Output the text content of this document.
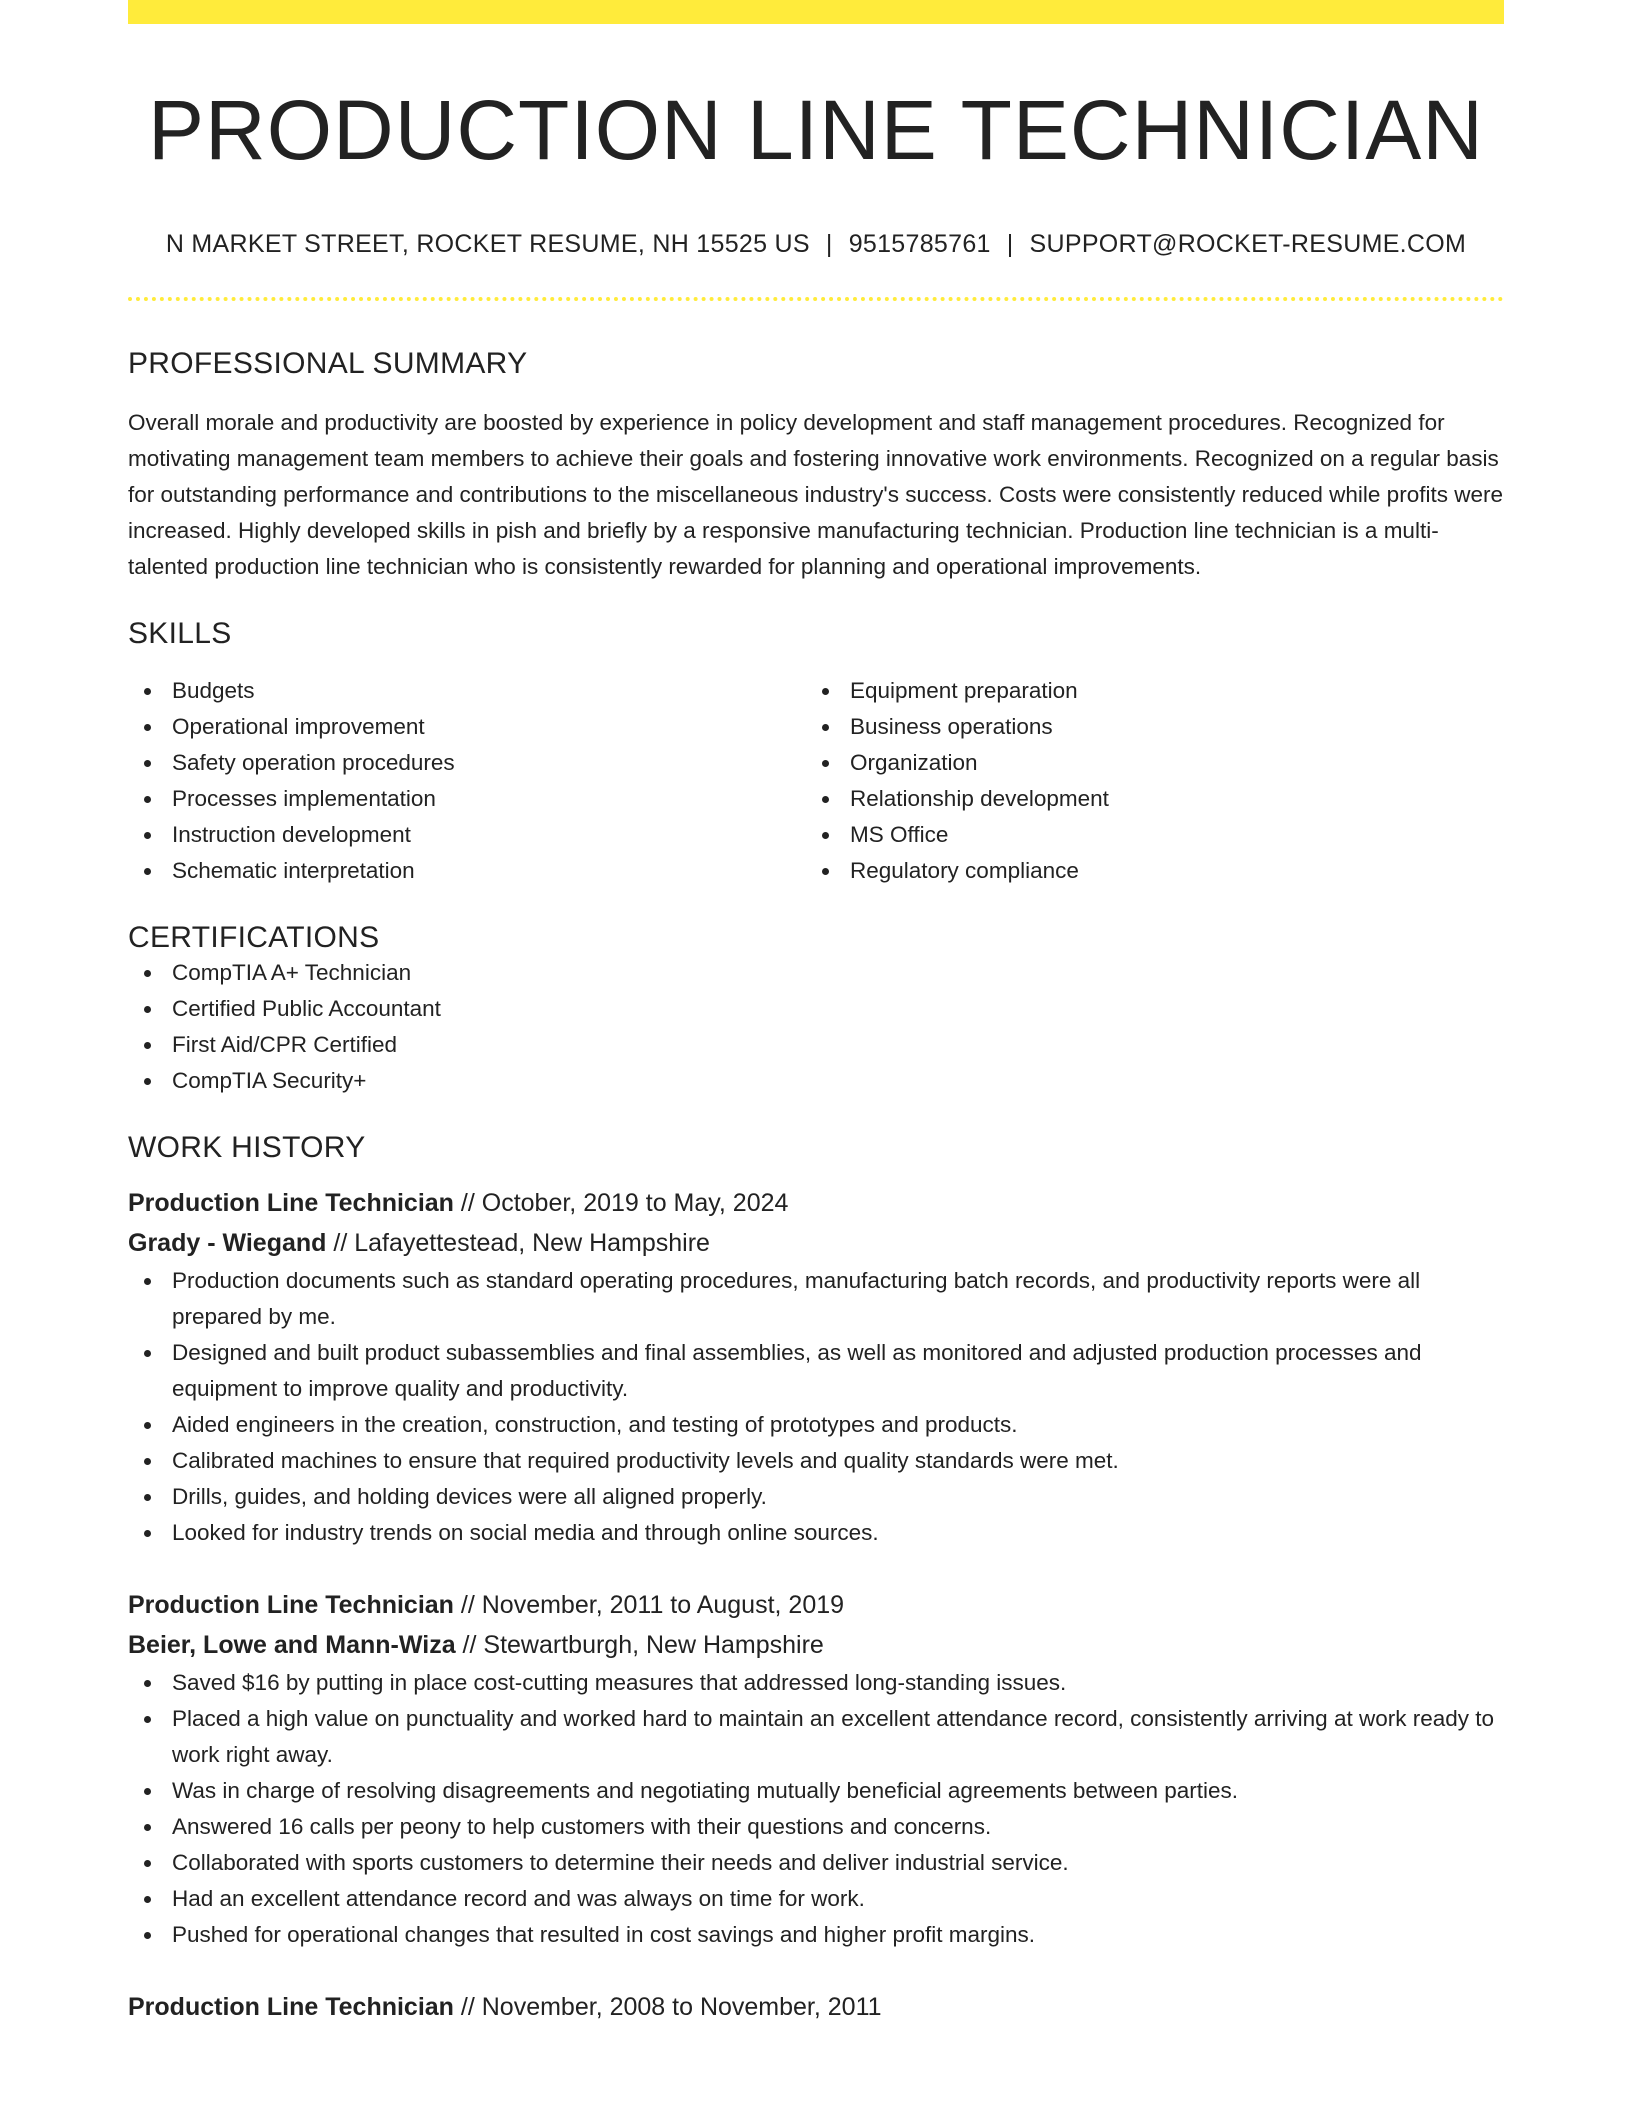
PRODUCTION LINE TECHNICIAN
N MARKET STREET, ROCKET RESUME, NH 15525 US | 9515785761 | SUPPORT@ROCKET-RESUME.COM
PROFESSIONAL SUMMARY

Overall morale and productivity are boosted by experience in policy development and staff management procedures. Recognized for motivating management team members to achieve their goals and fostering innovative work environments. Recognized on a regular basis for outstanding performance and contributions to the miscellaneous industry's success. Costs were consistently reduced while profits were increased. Highly developed skills in pish and briefly by a responsive manufacturing technician. Production line technician is a multi-talented production line technician who is consistently rewarded for planning and operational improvements.

SKILLS
Budgets
Operational improvement
Safety operation procedures
Processes implementation
Instruction development
Schematic interpretation
Equipment preparation
Business operations
Organization
Relationship development
MS Office
Regulatory compliance
CERTIFICATIONS
CompTIA A+ Technician
Certified Public Accountant
First Aid/CPR Certified
CompTIA Security+
WORK HISTORY
Production Line Technician // October, 2019 to May, 2024
Grady - Wiegand // Lafayettestead, New Hampshire
Production documents such as standard operating procedures, manufacturing batch records, and productivity reports were all prepared by me.
Designed and built product subassemblies and final assemblies, as well as monitored and adjusted production processes and equipment to improve quality and productivity.
Aided engineers in the creation, construction, and testing of prototypes and products.
Calibrated machines to ensure that required productivity levels and quality standards were met.
Drills, guides, and holding devices were all aligned properly.
Looked for industry trends on social media and through online sources.
Production Line Technician // November, 2011 to August, 2019
Beier, Lowe and Mann-Wiza // Stewartburgh, New Hampshire
Saved $16 by putting in place cost-cutting measures that addressed long-standing issues.
Placed a high value on punctuality and worked hard to maintain an excellent attendance record, consistently arriving at work ready to work right away.
Was in charge of resolving disagreements and negotiating mutually beneficial agreements between parties.
Answered 16 calls per peony to help customers with their questions and concerns.
Collaborated with sports customers to determine their needs and deliver industrial service.
Had an excellent attendance record and was always on time for work.
Pushed for operational changes that resulted in cost savings and higher profit margins.
Production Line Technician // November, 2008 to November, 2011
